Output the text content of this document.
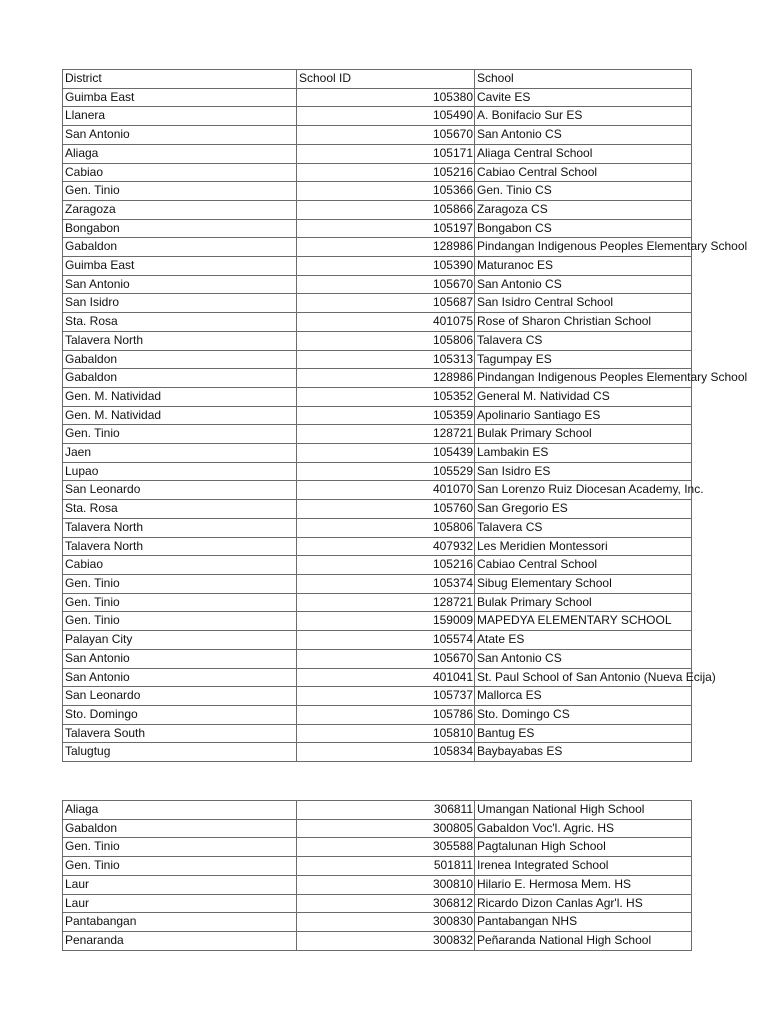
District	School ID	School
Guimba East	105380	Cavite ES
Llanera	105490	A. Bonifacio Sur ES
San Antonio	105670	San Antonio CS
Aliaga	105171	Aliaga Central School
Cabiao	105216	Cabiao Central School
Gen. Tinio	105366	Gen. Tinio CS
Zaragoza	105866	Zaragoza CS
Bongabon	105197	Bongabon CS
Gabaldon	128986	Pindangan Indigenous Peoples Elementary School
Guimba East	105390	Maturanoc ES
San Antonio	105670	San Antonio CS
San Isidro	105687	San Isidro Central School
Sta. Rosa	401075	Rose of Sharon Christian School
Talavera North	105806	Talavera CS
Gabaldon	105313	Tagumpay ES
Gabaldon	128986	Pindangan Indigenous Peoples Elementary School
Gen. M. Natividad	105352	General M. Natividad CS
Gen. M. Natividad	105359	Apolinario Santiago ES
Gen. Tinio	128721	Bulak Primary School
Jaen	105439	Lambakin ES
Lupao	105529	San Isidro ES
San Leonardo	401070	San Lorenzo Ruiz Diocesan Academy, Inc.
Sta. Rosa	105760	San Gregorio ES
Talavera North	105806	Talavera CS
Talavera North	407932	Les Meridien Montessori
Cabiao	105216	Cabiao Central School
Gen. Tinio	105374	Sibug Elementary School
Gen. Tinio	128721	Bulak Primary School
Gen. Tinio	159009	MAPEDYA ELEMENTARY SCHOOL
Palayan City	105574	Atate ES
San Antonio	105670	San Antonio CS
San Antonio	401041	St. Paul School of San Antonio (Nueva Ecija)
San Leonardo	105737	Mallorca ES
Sto. Domingo	105786	Sto. Domingo CS
Talavera South	105810	Bantug ES
Talugtug	105834	Baybayabas ES
Aliaga	306811	Umangan National High School
Gabaldon	300805	Gabaldon Voc'l. Agric. HS
Gen. Tinio	305588	Pagtalunan High School
Gen. Tinio	501811	Irenea Integrated School
Laur	300810	Hilario E. Hermosa Mem. HS
Laur	306812	Ricardo Dizon Canlas Agr'l. HS
Pantabangan	300830	Pantabangan NHS
Penaranda	300832	Peñaranda National High School
